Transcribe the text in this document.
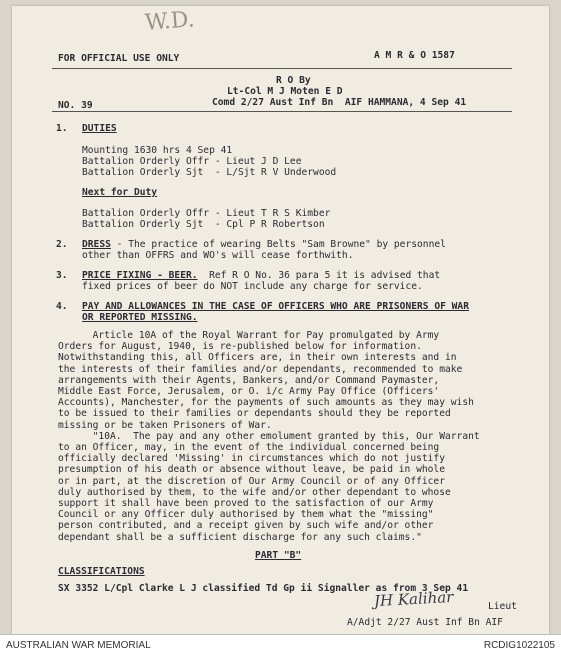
W.D.
FOR OFFICIAL USE ONLY	A M R & O 1587
R O By
Lt-Col M J Moten E D
NO. 39	Comd 2/27 Aust Inf Bn  AIF HAMMANA, 4 Sep 41
1. DUTIES
Mounting 1630 hrs 4 Sep 41
Battalion Orderly Offr - Lieut J D Lee
Battalion Orderly Sjt  - L/Sjt R V Underwood
Next for Duty
Battalion Orderly Offr - Lieut T R S Kimber
Battalion Orderly Sjt  - Cpl P R Robertson
2. DRESS - The practice of wearing Belts "Sam Browne" by personnel
other than OFFRS and WO's will cease forthwith.
3. PRICE FIXING - BEER.  Ref R O No. 36 para 5 it is advised that
fixed prices of beer do NOT include any charge for service.
4. PAY AND ALLOWANCES IN THE CASE OF OFFICERS WHO ARE PRISONERS OF WAR
OR REPORTED MISSING.
Article 10A of the Royal Warrant for Pay promulgated by Army
Orders for August, 1940, is re-published below for information.
Notwithstanding this, all Officers are, in their own interests and in
the interests of their families and/or dependants, recommended to make
arrangements with their Agents, Bankers, and/or Command Paymaster,
Middle East Force, Jerusalem, or O. i/c Army Pay Office (Officers'
Accounts), Manchester, for the payments of such amounts as they may wish
to be issued to their families or dependants should they be reported
missing or be taken Prisoners of War.
"10A.  The pay and any other emolument granted by this, Our Warrant
to an Officer, may, in the event of the individual concerned being
officially declared 'Missing' in circumstances which do not justify
presumption of his death or absence without leave, be paid in whole
or in part, at the discretion of Our Army Council or of any Officer
duly authorised by them, to the wife and/or other dependant to whose
support it shall have been proved to the satisfaction of our Army
Council or any Officer duly authorised by them what the "missing"
person contributed, and a receipt given by such wife and/or other
dependant shall be a sufficient discharge for any such claims."
PART "B"
CLASSIFICATIONS
SX 3352 L/Cpl Clarke L J classified Td Gp ii Signaller as from 3 Sep 41
JH Kalihar	Lieut
A/Adjt 2/27 Aust Inf Bn AIF
AUSTRALIAN WAR MEMORIAL	RCDIG1022105
